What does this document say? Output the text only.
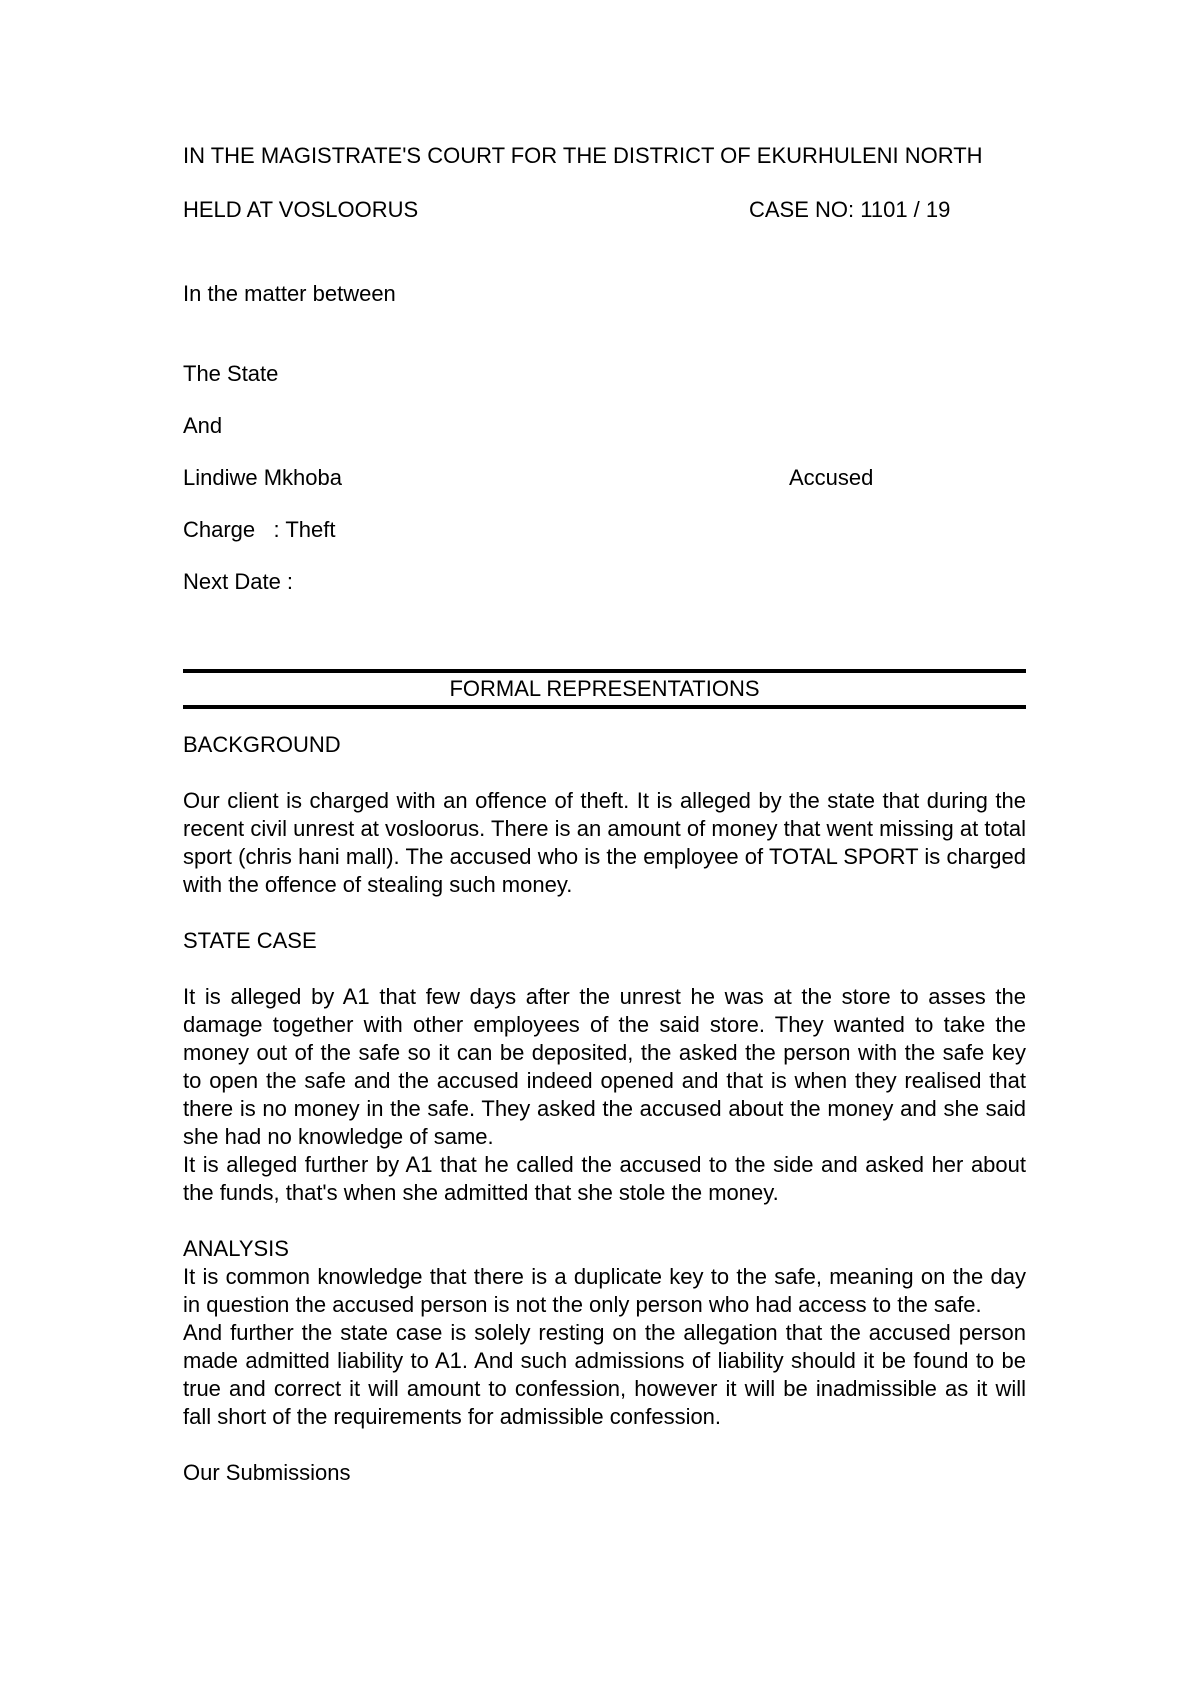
IN THE MAGISTRATE'S COURT FOR THE DISTRICT OF EKURHULENI NORTH
HELD AT VOSLOORUS	CASE NO: 1101 / 19
In the matter between
The State
And
Lindiwe Mkhoba	Accused
Charge   : Theft
Next Date :
FORMAL REPRESENTATIONS
BACKGROUND
Our client is charged with an offence of theft. It is alleged by the state that during the recent civil unrest at vosloorus. There is an amount of money that went missing at total sport (chris hani mall). The accused who is the employee of TOTAL SPORT is charged with the offence of stealing such money.
STATE CASE
It is alleged by A1 that few days after the unrest he was at the store to asses the damage together with other employees of the said store. They wanted to take the money out of the safe so it can be deposited, the asked the person with the safe key to open the safe and the accused indeed opened and that is when they realised that there is no money in the safe. They asked the accused about the money and she said she had no knowledge of same.
It is alleged further by A1 that he called the accused to the side and asked her about the funds, that's when she admitted that she stole the money.
ANALYSIS
It is common knowledge that there is a duplicate key to the safe, meaning on the day in question the accused person is not the only person who had access to the safe.
And further the state case is solely resting on the allegation that the accused person made admitted liability to A1. And such admissions of liability should it be found to be true and correct it will amount to confession, however it will be inadmissible as it will fall short of the requirements for admissible confession.
Our Submissions
